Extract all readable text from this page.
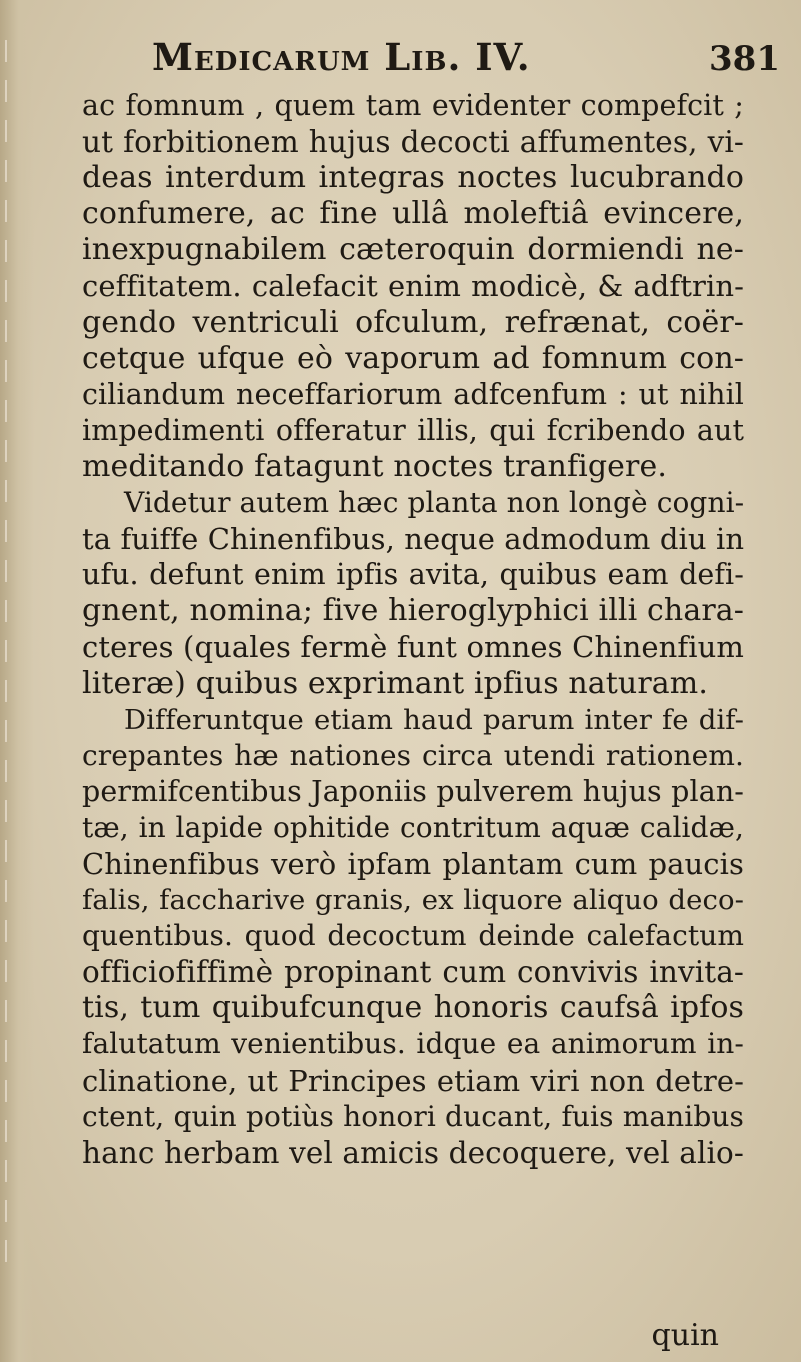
Medicarum Lib. IV.	381
ac fomnum , quem tam evidenter compefcit ;
ut forbitionem hujus decocti affumentes, vi-
deas interdum integras noctes lucubrando
confumere, ac fine ullâ moleftiâ evincere,
inexpugnabilem cæteroquin dormiendi ne-
ceffitatem. calefacit enim modicè, & adftrin-
gendo ventriculi ofculum, refrænat, coër-
cetque ufque eò vaporum ad fomnum con-
ciliandum neceffariorum adfcenfum : ut nihil
impedimenti offeratur illis, qui fcribendo aut
meditando fatagunt noctes tranfigere.
Videtur autem hæc planta non longè cogni-
ta fuiffe Chinenfibus, neque admodum diu in
ufu. defunt enim ipfis avita, quibus eam defi-
gnent, nomina; five hieroglyphici illi chara-
cteres (quales fermè funt omnes Chinenfium
literæ) quibus exprimant ipfius naturam.
Differuntque etiam haud parum inter fe dif-
crepantes hæ nationes circa utendi rationem.
permifcentibus Japoniis pulverem hujus plan-
tæ, in lapide ophitide contritum aquæ calidæ,
Chinenfibus verò ipfam plantam cum paucis
falis, faccharive granis, ex liquore aliquo deco-
quentibus. quod decoctum deinde calefactum
officiofiffimè propinant cum convivis invita-
tis, tum quibufcunque honoris caufsâ ipfos
falutatum venientibus. idque ea animorum in-
clinatione, ut Principes etiam viri non detre-
ctent, quin potiùs honori ducant, fuis manibus
hanc herbam vel amicis decoquere, vel alio-
quin
